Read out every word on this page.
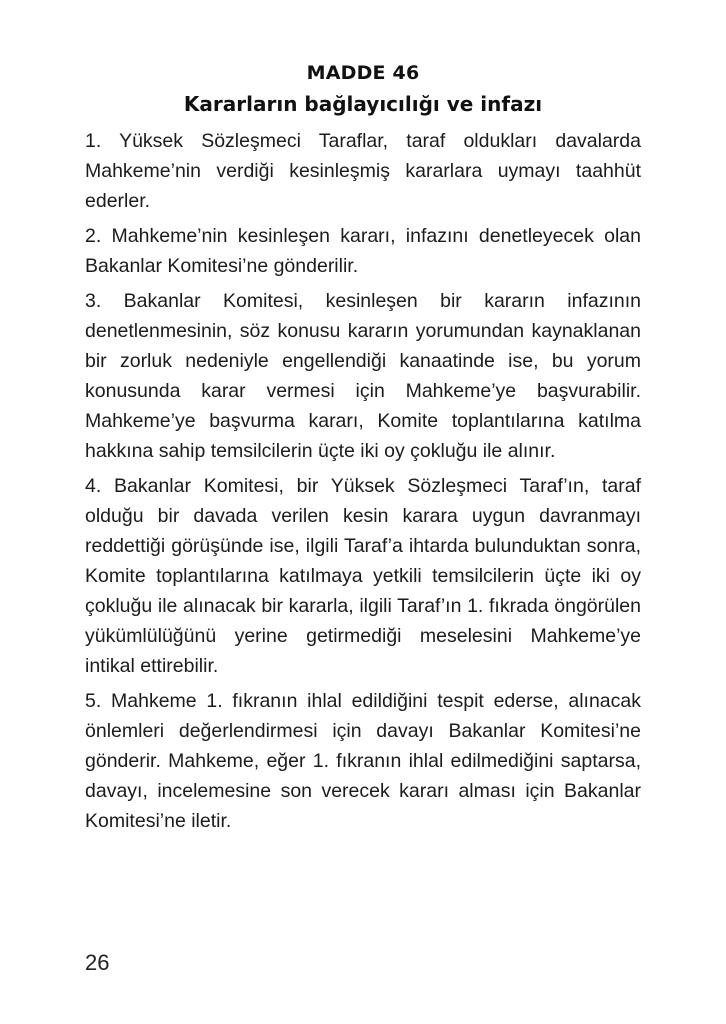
MADDE 46
Kararların bağlayıcılığı ve infazı

1. Yüksek Sözleşmeci Taraflar, taraf oldukları davalarda Mahkeme’nin verdiği kesinleşmiş kararlara uymayı taahhüt ederler.

2. Mahkeme’nin kesinleşen kararı, infazını denetleyecek olan Bakanlar Komitesi’ne gönderilir.

3. Bakanlar Komitesi, kesinleşen bir kararın infazının denetlenmesinin, söz konusu kararın yorumundan kaynaklanan bir zorluk nedeniyle engellendiği kanaatinde ise, bu yorum konusunda karar vermesi için Mahkeme’ye başvurabilir. Mahkeme’ye başvurma kararı, Komite toplantılarına katılma hakkına sahip temsilcilerin üçte iki oy çokluğu ile alınır.

4. Bakanlar Komitesi, bir Yüksek Sözleşmeci Taraf’ın, taraf olduğu bir davada verilen kesin karara uygun davranmayı reddettiği görüşünde ise, ilgili Taraf’a ihtarda bulunduktan sonra, Komite toplantılarına katılmaya yetkili temsilcilerin üçte iki oy çokluğu ile alınacak bir kararla, ilgili Taraf’ın 1. fıkrada öngörülen yükümlülüğünü yerine getirmediği meselesini Mahkeme’ye intikal ettirebilir.

5. Mahkeme 1. fıkranın ihlal edildiğini tespit ederse, alınacak önlemleri değerlendirmesi için davayı Bakanlar Komitesi’ne gönderir. Mahkeme, eğer 1. fıkranın ihlal edilmediğini saptarsa, davayı, incelemesine son verecek kararı alması için Bakanlar Komitesi’ne iletir.

26
